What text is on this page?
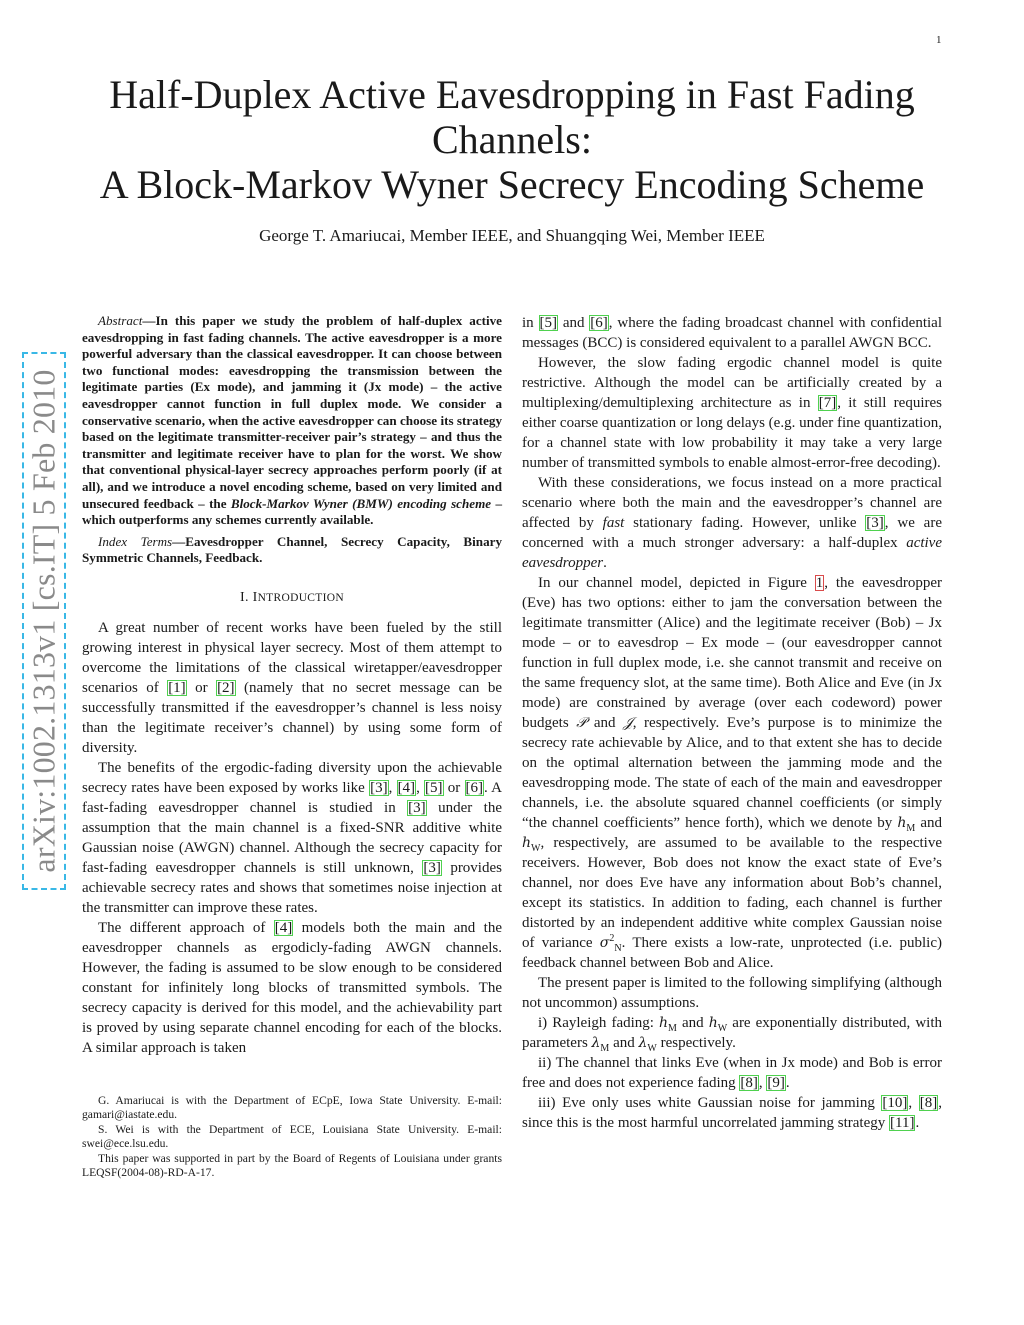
1
arXiv:1002.1313v1 [cs.IT] 5 Feb 2010
Half-Duplex Active Eavesdropping in Fast Fading
Channels:
A Block-Markov Wyner Secrecy Encoding Scheme
George T. Amariucai, Member IEEE, and Shuangqing Wei, Member IEEE

Abstract—In this paper we study the problem of half-duplex active eavesdropping in fast fading channels. The active eavesdropper is a more powerful adversary than the classical eavesdropper. It can choose between two functional modes: eavesdropping the transmission between the legitimate parties (Ex mode), and jamming it (Jx mode) – the active eavesdropper cannot function in full duplex mode. We consider a conservative scenario, when the active eavesdropper can choose its strategy based on the legitimate transmitter-receiver pair’s strategy – and thus the transmitter and legitimate receiver have to plan for the worst. We show that conventional physical-layer secrecy approaches perform poorly (if at all), and we introduce a novel encoding scheme, based on very limited and unsecured feedback – the Block-Markov Wyner (BMW) encoding scheme – which outperforms any schemes currently available.

Index Terms—Eavesdropper Channel, Secrecy Capacity, Binary Symmetric Channels, Feedback.

I. INTRODUCTION

A great number of recent works have been fueled by the still growing interest in physical layer secrecy. Most of them attempt to overcome the limitations of the classical wiretapper/eavesdropper scenarios of [1] or [2] (namely that no secret message can be successfully transmitted if the eavesdropper’s channel is less noisy than the legitimate receiver’s channel) by using some form of diversity.

The benefits of the ergodic-fading diversity upon the achievable secrecy rates have been exposed by works like [3], [4], [5] or [6]. A fast-fading eavesdropper channel is studied in [3] under the assumption that the main channel is a fixed-SNR additive white Gaussian noise (AWGN) channel. Although the secrecy capacity for fast-fading eavesdropper channels is still unknown, [3] provides achievable secrecy rates and shows that sometimes noise injection at the transmitter can improve these rates.

The different approach of [4] models both the main and the eavesdropper channels as ergodicly-fading AWGN channels. However, the fading is assumed to be slow enough to be considered constant for infinitely long blocks of transmitted symbols. The secrecy capacity is derived for this model, and the achievability part is proved by using separate channel encoding for each of the blocks. A similar approach is taken

G. Amariucai is with the Department of ECpE, Iowa State University. E-mail: gamari@iastate.edu.

S. Wei is with the Department of ECE, Louisiana State University. E-mail: swei@ece.lsu.edu.

This paper was supported in part by the Board of Regents of Louisiana under grants LEQSF(2004-08)-RD-A-17.

in [5] and [6], where the fading broadcast channel with confidential messages (BCC) is considered equivalent to a parallel AWGN BCC.

However, the slow fading ergodic channel model is quite restrictive. Although the model can be artificially created by a multiplexing/demultiplexing architecture as in [7], it still requires either coarse quantization or long delays (e.g. under fine quantization, for a channel state with low probability it may take a very large number of transmitted symbols to enable almost-error-free decoding).

With these considerations, we focus instead on a more practical scenario where both the main and the eavesdropper’s channel are affected by fast stationary fading. However, unlike [3], we are concerned with a much stronger adversary: a half-duplex active eavesdropper.

In our channel model, depicted in Figure 1, the eavesdropper (Eve) has two options: either to jam the conversation between the legitimate transmitter (Alice) and the legitimate receiver (Bob) – Jx mode – or to eavesdrop – Ex mode – (our eavesdropper cannot function in full duplex mode, i.e. she cannot transmit and receive on the same frequency slot, at the same time). Both Alice and Eve (in Jx mode) are constrained by average (over each codeword) power budgets 𝒫 and 𝒥, respectively. Eve’s purpose is to minimize the secrecy rate achievable by Alice, and to that extent she has to decide on the optimal alternation between the jamming mode and the eavesdropping mode. The state of each of the main and eavesdropper channels, i.e. the absolute squared channel coefficients (or simply “the channel coefficients” hence forth), which we denote by $h_M$ and $h_W$, respectively, are assumed to be available to the respective receivers. However, Bob does not know the exact state of Eve’s channel, nor does Eve have any information about Bob’s channel, except its statistics. In addition to fading, each channel is further distorted by an independent additive white complex Gaussian noise of variance $\sigma^2_N$. There exists a low-rate, unprotected (i.e. public) feedback channel between Bob and Alice.

The present paper is limited to the following simplifying (although not uncommon) assumptions.

i) Rayleigh fading: $h_M$ and $h_W$ are exponentially distributed, with parameters $\lambda_M$ and $\lambda_W$ respectively.

ii) The channel that links Eve (when in Jx mode) and Bob is error free and does not experience fading [8], [9].

iii) Eve only uses white Gaussian noise for jamming [10], [8], since this is the most harmful uncorrelated jamming strategy [11].
